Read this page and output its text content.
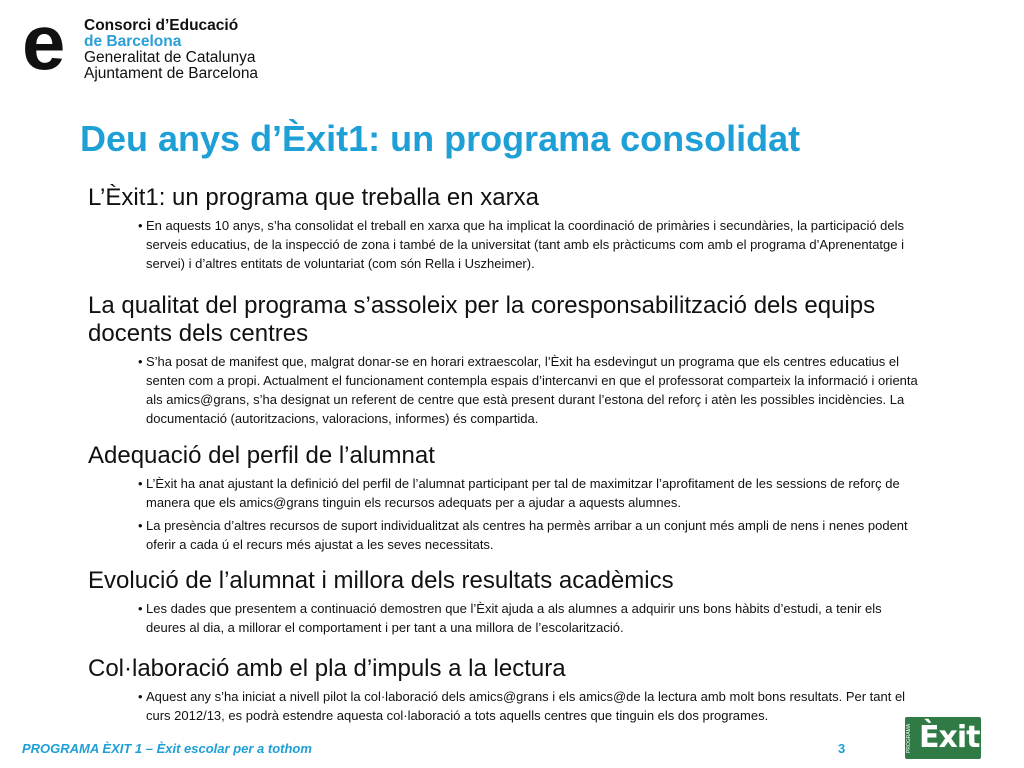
e Consorci d’Educació
de Barcelona
Generalitat de Catalunya
Ajuntament de Barcelona
Deu anys d’Èxit1: un programa consolidat
L’Èxit1: un programa que treballa en xarxa
• En aquests 10 anys, s’ha consolidat el treball en xarxa que ha implicat la coordinació de primàries i secundàries, la participació dels serveis educatius, de la inspecció de zona i també de la universitat (tant amb els pràcticums com amb el programa d’Aprenentatge i servei) i d’altres entitats de voluntariat (com són Rella i Uszheimer).
La qualitat del programa s’assoleix per la coresponsabilització dels equips docents dels centres
• S’ha posat de manifest que, malgrat donar-se en horari extraescolar, l’Èxit ha esdevingut un programa que els centres educatius el senten com a propi. Actualment el funcionament contempla espais d’intercanvi en que el professorat comparteix la informació i orienta als amics@grans, s’ha designat un referent de centre que està present durant l’estona del reforç i atèn les possibles incidències. La documentació (autoritzacions, valoracions, informes) és compartida.
Adequació del perfil de l’alumnat
• L’Èxit ha anat ajustant la definició del perfil de l’alumnat participant per tal de maximitzar l’aprofitament de les sessions de reforç de manera que els amics@grans tinguin els recursos adequats per a ajudar a aquests alumnes.
• La presència d’altres recursos de suport individualitzat als centres ha permès arribar a un conjunt més ampli de nens i nenes podent oferir a cada ú el recurs més ajustat a les seves necessitats.
Evolució de l’alumnat i millora dels resultats acadèmics
• Les dades que presentem a continuació demostren que l’Èxit ajuda a als alumnes a adquirir uns bons hàbits d’estudi, a tenir els deures al dia, a millorar el comportament i per tant a una millora de l’escolarització.
Col·laboració amb el pla d’impuls a la lectura
• Aquest any s’ha iniciat a nivell pilot la col·laboració dels amics@grans i els amics@de la lectura amb molt bons resultats. Per tant el curs 2012/13, es podrà estendre aquesta col·laboració a tots aquells centres que tinguin els dos programes.
PROGRAMA ÈXIT 1 – Èxit escolar per a tothom	3	PROGRAMA Èxit
